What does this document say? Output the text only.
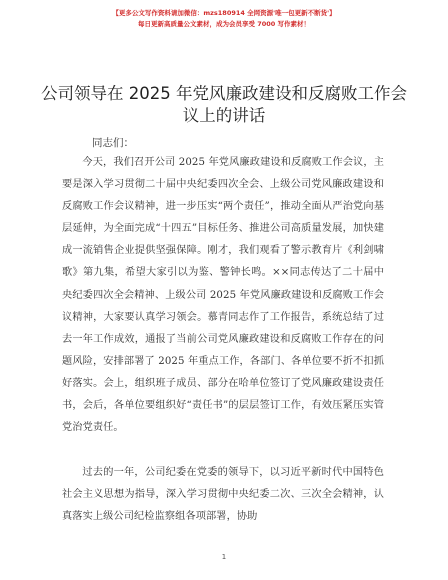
【更多公文写作资料请加微信：mzs180914 全网资源'唯一包更新不断货'】
每日更新高质量公文素材，成为会员享受 7000 写作素材！
公司领导在 2025 年党风廉政建设和反腐败工作会议上的讲话
同志们：
今天，我们召开公司 2025 年党风廉政建设和反腐败工作会议，主要是深入学习贯彻二十届中央纪委四次全会、上级公司党风廉政建设和反腐败工作会议精神，进一步压实“两个责任”，推动全面从严治党向基层延伸，为全面完成“十四五”目标任务、推进公司高质量发展，加快建成一流销售企业提供坚强保障。刚才，我们观看了警示教育片《利剑啸歌》第九集，希望大家引以为鉴、警钟长鸣。××同志传达了二十届中央纪委四次全会精神、上级公司 2025 年党风廉政建设和反腐败工作会议精神，大家要认真学习领会。慕青同志作了工作报告，系统总结了过去一年工作成效，通报了当前公司党风廉政建设和反腐败工作存在的问题风险，安排部署了 2025 年重点工作，各部门、各单位要不折不扣抓好落实。会上，组织班子成员、部分在哈单位签订了党风廉政建设责任书，会后，各单位要组织好“责任书”的层层签订工作，有效压紧压实管党治党责任。
过去的一年，公司纪委在党委的领导下，以习近平新时代中国特色社会主义思想为指导，深入学习贯彻中央纪委二次、三次全会精神，认真落实上级公司纪检监察组各项部署，协助
1
